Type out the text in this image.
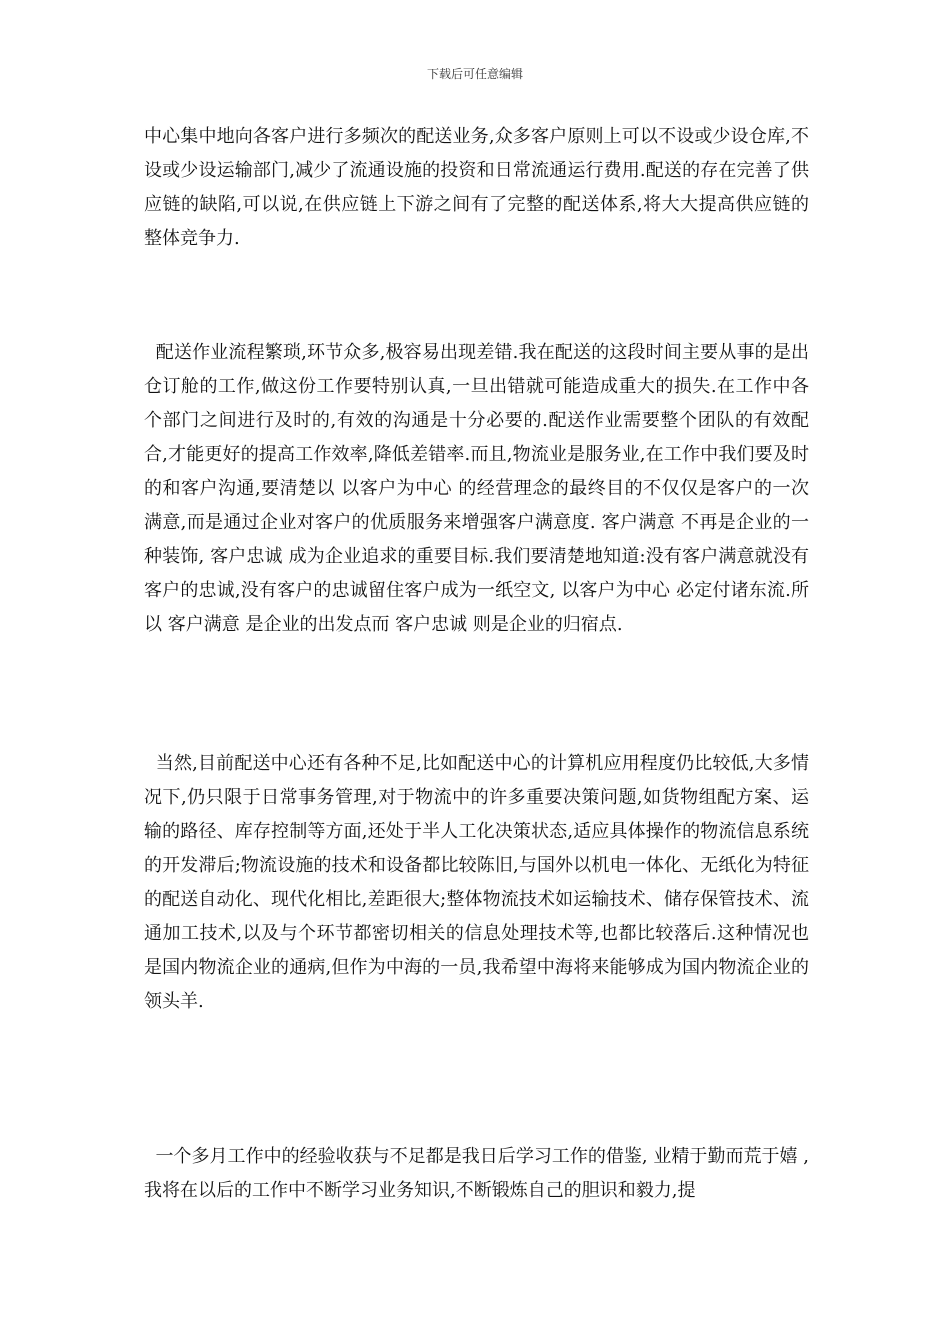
下载后可任意编辑
中心集中地向各客户进行多频次的配送业务,众多客户原则上可以不设或少设仓库,不设或少设运输部门,减少了流通设施的投资和日常流通运行费用.配送的存在完善了供应链的缺陷,可以说,在供应链上下游之间有了完整的配送体系,将大大提高供应链的整体竞争力.
配送作业流程繁琐,环节众多,极容易出现差错.我在配送的这段时间主要从事的是出仓订舱的工作,做这份工作要特别认真,一旦出错就可能造成重大的损失.在工作中各个部门之间进行及时的,有效的沟通是十分必要的.配送作业需要整个团队的有效配合,才能更好的提高工作效率,降低差错率.而且,物流业是服务业,在工作中我们要及时的和客户沟通,要清楚以 以客户为中心 的经营理念的最终目的不仅仅是客户的一次满意,而是通过企业对客户的优质服务来增强客户满意度. 客户满意 不再是企业的一种装饰, 客户忠诚 成为企业追求的重要目标.我们要清楚地知道:没有客户满意就没有客户的忠诚,没有客户的忠诚留住客户成为一纸空文, 以客户为中心 必定付诸东流.所以 客户满意 是企业的出发点而 客户忠诚 则是企业的归宿点.
当然,目前配送中心还有各种不足,比如配送中心的计算机应用程度仍比较低,大多情况下,仍只限于日常事务管理,对于物流中的许多重要决策问题,如货物组配方案、运输的路径、库存控制等方面,还处于半人工化决策状态,适应具体操作的物流信息系统的开发滞后;物流设施的技术和设备都比较陈旧,与国外以机电一体化、无纸化为特征的配送自动化、现代化相比,差距很大;整体物流技术如运输技术、储存保管技术、流通加工技术,以及与个环节都密切相关的信息处理技术等,也都比较落后.这种情况也是国内物流企业的通病,但作为中海的一员,我希望中海将来能够成为国内物流企业的领头羊.
一个多月工作中的经验收获与不足都是我日后学习工作的借鉴, 业精于勤而荒于嬉 ,我将在以后的工作中不断学习业务知识,不断锻炼自己的胆识和毅力,提
